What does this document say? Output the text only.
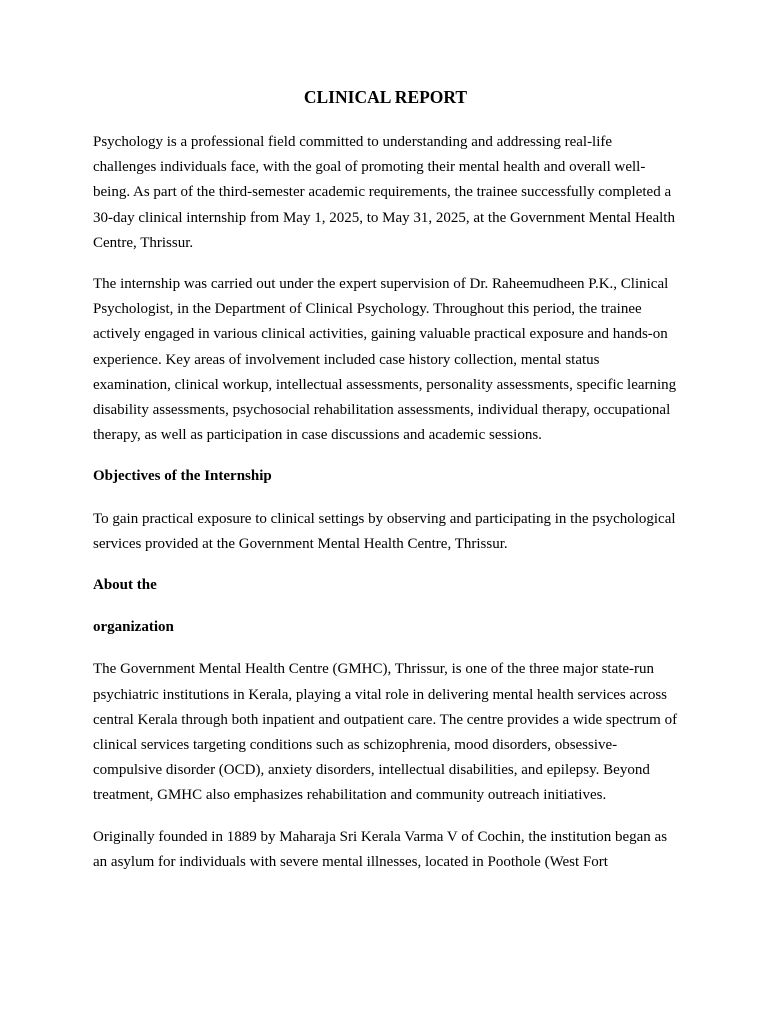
CLINICAL REPORT

Psychology is a professional field committed to understanding and addressing real-life challenges individuals face, with the goal of promoting their mental health and overall well-being. As part of the third-semester academic requirements, the trainee successfully completed a 30-day clinical internship from May 1, 2025, to May 31, 2025, at the Government Mental Health Centre, Thrissur.

The internship was carried out under the expert supervision of Dr. Raheemudheen P.K., Clinical Psychologist, in the Department of Clinical Psychology. Throughout this period, the trainee actively engaged in various clinical activities, gaining valuable practical exposure and hands-on experience. Key areas of involvement included case history collection, mental status examination, clinical workup, intellectual assessments, personality assessments, specific learning disability assessments, psychosocial rehabilitation assessments, individual therapy, occupational therapy, as well as participation in case discussions and academic sessions.

Objectives of the Internship

To gain practical exposure to clinical settings by observing and participating in the psychological services provided at the Government Mental Health Centre, Thrissur.

About the
organization

The Government Mental Health Centre (GMHC), Thrissur, is one of the three major state-run psychiatric institutions in Kerala, playing a vital role in delivering mental health services across central Kerala through both inpatient and outpatient care. The centre provides a wide spectrum of clinical services targeting conditions such as schizophrenia, mood disorders, obsessive-compulsive disorder (OCD), anxiety disorders, intellectual disabilities, and epilepsy. Beyond treatment, GMHC also emphasizes rehabilitation and community outreach initiatives.

Originally founded in 1889 by Maharaja Sri Kerala Varma V of Cochin, the institution began as an asylum for individuals with severe mental illnesses, located in Poothole (West Fort
